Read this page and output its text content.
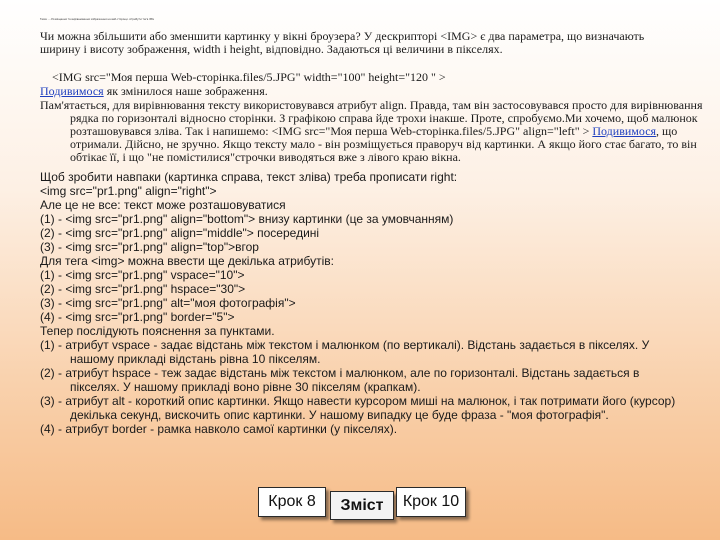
Тема: ... Розміщення та вирівнювання зображення на веб-сторінці. Атрибути тега IMG

Чи можна збільшити або зменшити картинку у вікні броузера? У дескрипторі <IMG> є два параметра, що визначають ширину і висоту зображення, width і height, відповідно. Задаються ці величини в пікселях.

<IMG src="Моя перша Web-сторінка.files/5.JPG" width="100" height="120 " >

Подивимося як змінилося наше зображення.

Пам'ятається, для вирівнювання тексту використовувався атрибут align. Правда, там він застосовувався просто для вирівнювання рядка по горизонталі відносно сторінки. З графікою справа йде трохи інакше. Проте, спробуємо.Ми хочемо, щоб малюнок розташовувався зліва. Так і напишемо: <IMG src="Моя перша Web-сторінка.files/5.JPG" align="left" > Подивимося, що отримали. Дійсно, не зручно. Якщо тексту мало - він розміщується праворуч від картинки. А якщо його стає багато, то він обтікає її, і що "не помістилися"строчки виводяться вже з лівого краю вікна.

Щоб зробити навпаки (картинка справа, текст зліва) треба прописати right:
<img src="pr1.png" align="right">
Але це не все: текст може розташовуватися
(1) - <img src="pr1.png" align="bottom"> внизу картинки (це за умовчанням)
(2) - <img src="pr1.png" align="middle"> посередині
(3) - <img src="pr1.png" align="top">вгор
Для тега <img> можна ввести ще декілька атрибутів:
(1) - <img src="pr1.png" vspace="10">
(2) - <img src="pr1.png" hspace="30">
(3) - <img src="pr1.png" alt="моя фотографія">
(4) - <img src="pr1.png" border="5">
Тепер послідують пояснення за пунктами.
(1) - атрибут vspace - задає відстань між текстом і малюнком (по вертикалі). Відстань задається в пікселях. У нашому прикладі відстань рівна 10 пікселям.
(2) - атрибут hspace - теж задає відстань між текстом і малюнком, але по горизонталі. Відстань задається в пікселях. У нашому прикладі воно рівне 30 пікселям (крапкам).
(3) - атрибут alt - короткий опис картинки. Якщо навести курсором миші на малюнок, і так потримати його (курсор) декілька секунд, вискочить опис картинки. У нашому випадку це буде фраза - "моя фотографія".
(4) - атрибут border - рамка навколо самої картинки (у пікселях).
Крок 8	Зміст	Крок 10
